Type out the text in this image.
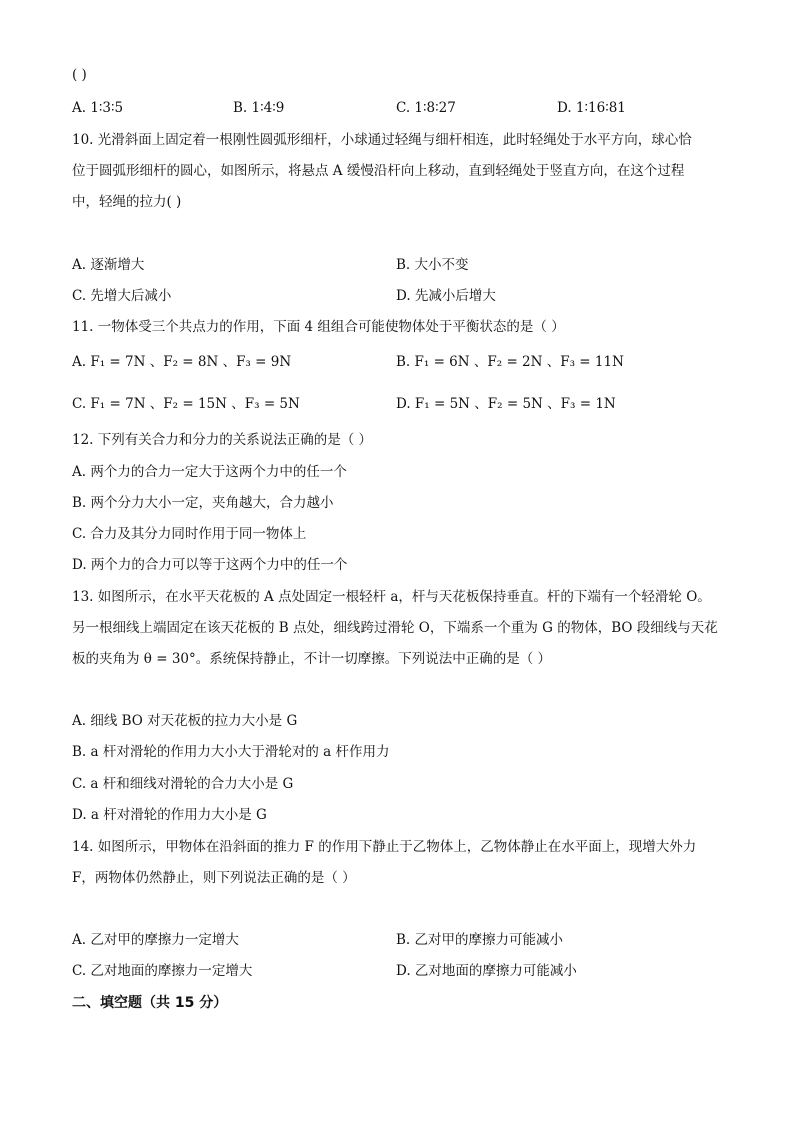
( )
A. 1∶3∶5	B. 1∶4∶9	C. 1∶8∶27	D. 1∶16∶81
10. 光滑斜面上固定着一根刚性圆弧形细杆，小球通过轻绳与细杆相连，此时轻绳处于水平方向，球心恰
位于圆弧形细杆的圆心，如图所示，将悬点 A 缓慢沿杆向上移动，直到轻绳处于竖直方向，在这个过程
中，轻绳的拉力( )
A. 逐渐增大	B. 大小不变
C. 先增大后减小	D. 先减小后增大
11. 一物体受三个共点力的作用，下面 4 组组合可能使物体处于平衡状态的是（ ）
A. F₁ = 7N 、F₂ = 8N 、F₃ = 9N	B. F₁ = 6N 、F₂ = 2N 、F₃ = 11N
C. F₁ = 7N 、F₂ = 15N 、F₃ = 5N	D. F₁ = 5N 、F₂ = 5N 、F₃ = 1N
12. 下列有关合力和分力的关系说法正确的是（ ）
A. 两个力的合力一定大于这两个力中的任一个
B. 两个分力大小一定，夹角越大，合力越小
C. 合力及其分力同时作用于同一物体上
D. 两个力的合力可以等于这两个力中的任一个
13. 如图所示，在水平天花板的 A 点处固定一根轻杆 a，杆与天花板保持垂直。杆的下端有一个轻滑轮 O。
另一根细线上端固定在该天花板的 B 点处，细线跨过滑轮 O，下端系一个重为 G 的物体，BO 段细线与天花
板的夹角为 θ = 30°。系统保持静止，不计一切摩擦。下列说法中正确的是（ ）
A. 细线 BO 对天花板的拉力大小是 G
B. a 杆对滑轮的作用力大小大于滑轮对的 a 杆作用力
C. a 杆和细线对滑轮的合力大小是 G
D. a 杆对滑轮的作用力大小是 G
14. 如图所示，甲物体在沿斜面的推力 F 的作用下静止于乙物体上，乙物体静止在水平面上，现增大外力
F，两物体仍然静止，则下列说法正确的是（ ）
A. 乙对甲的摩擦力一定增大	B. 乙对甲的摩擦力可能减小
C. 乙对地面的摩擦力一定增大	D. 乙对地面的摩擦力可能减小
二、填空题（共 15 分）
